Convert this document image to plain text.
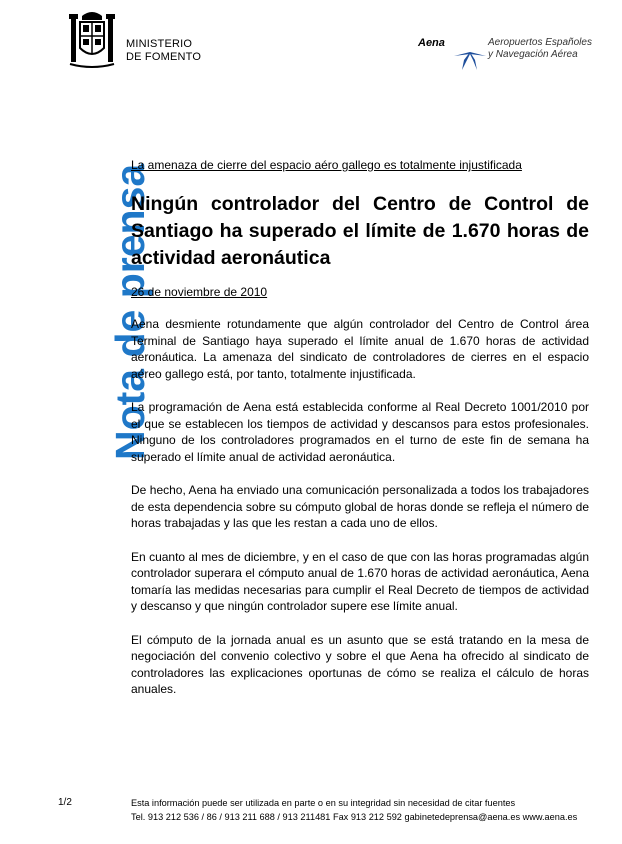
MINISTERIO
DE FOMENTO
Aena	Aeropuertos Españoles
y Navegación Aérea
Nota de prensa

La amenaza de cierre del espacio aéro gallego es totalmente injustificada

Ningún controlador del Centro de Control de Santiago ha superado el límite de 1.670 horas de actividad aeronáutica

26 de noviembre de 2010

Aena desmiente rotundamente que algún controlador del Centro de Control área Terminal de Santiago haya superado el límite anual de 1.670 horas de actividad aeronáutica. La amenaza del sindicato de controladores de cierres en el espacio aéreo gallego está, por tanto, totalmente injustificada.

La programación de Aena está establecida conforme al Real Decreto 1001/2010 por el que se establecen los tiempos de actividad y descansos para estos profesionales. Ninguno de los controladores programados en el turno de este fin de semana ha superado el límite anual de actividad aeronáutica.

De hecho, Aena ha enviado una comunicación personalizada a todos los trabajadores de esta dependencia sobre su cómputo global de horas donde se refleja el número de horas trabajadas y las que les restan a cada uno de ellos.

En cuanto al mes de diciembre, y en el caso de que con las horas programadas algún controlador superara el cómputo anual de 1.670 horas de actividad aeronáutica, Aena tomaría las medidas necesarias para cumplir el Real Decreto de tiempos de actividad y descanso y que ningún controlador supere ese límite anual.

El cómputo de la jornada anual es un asunto que se está tratando en la mesa de negociación del convenio colectivo y sobre el que Aena ha ofrecido al sindicato de controladores las explicaciones oportunas de cómo se realiza el cálculo de horas anuales.

1/2	Esta información puede ser utilizada en parte o en su integridad sin necesidad de citar fuentes
Tel. 913 212 536 / 86 / 913 211 688 / 913 211481 Fax 913 212 592 gabinetedeprensa@aena.es www.aena.es
